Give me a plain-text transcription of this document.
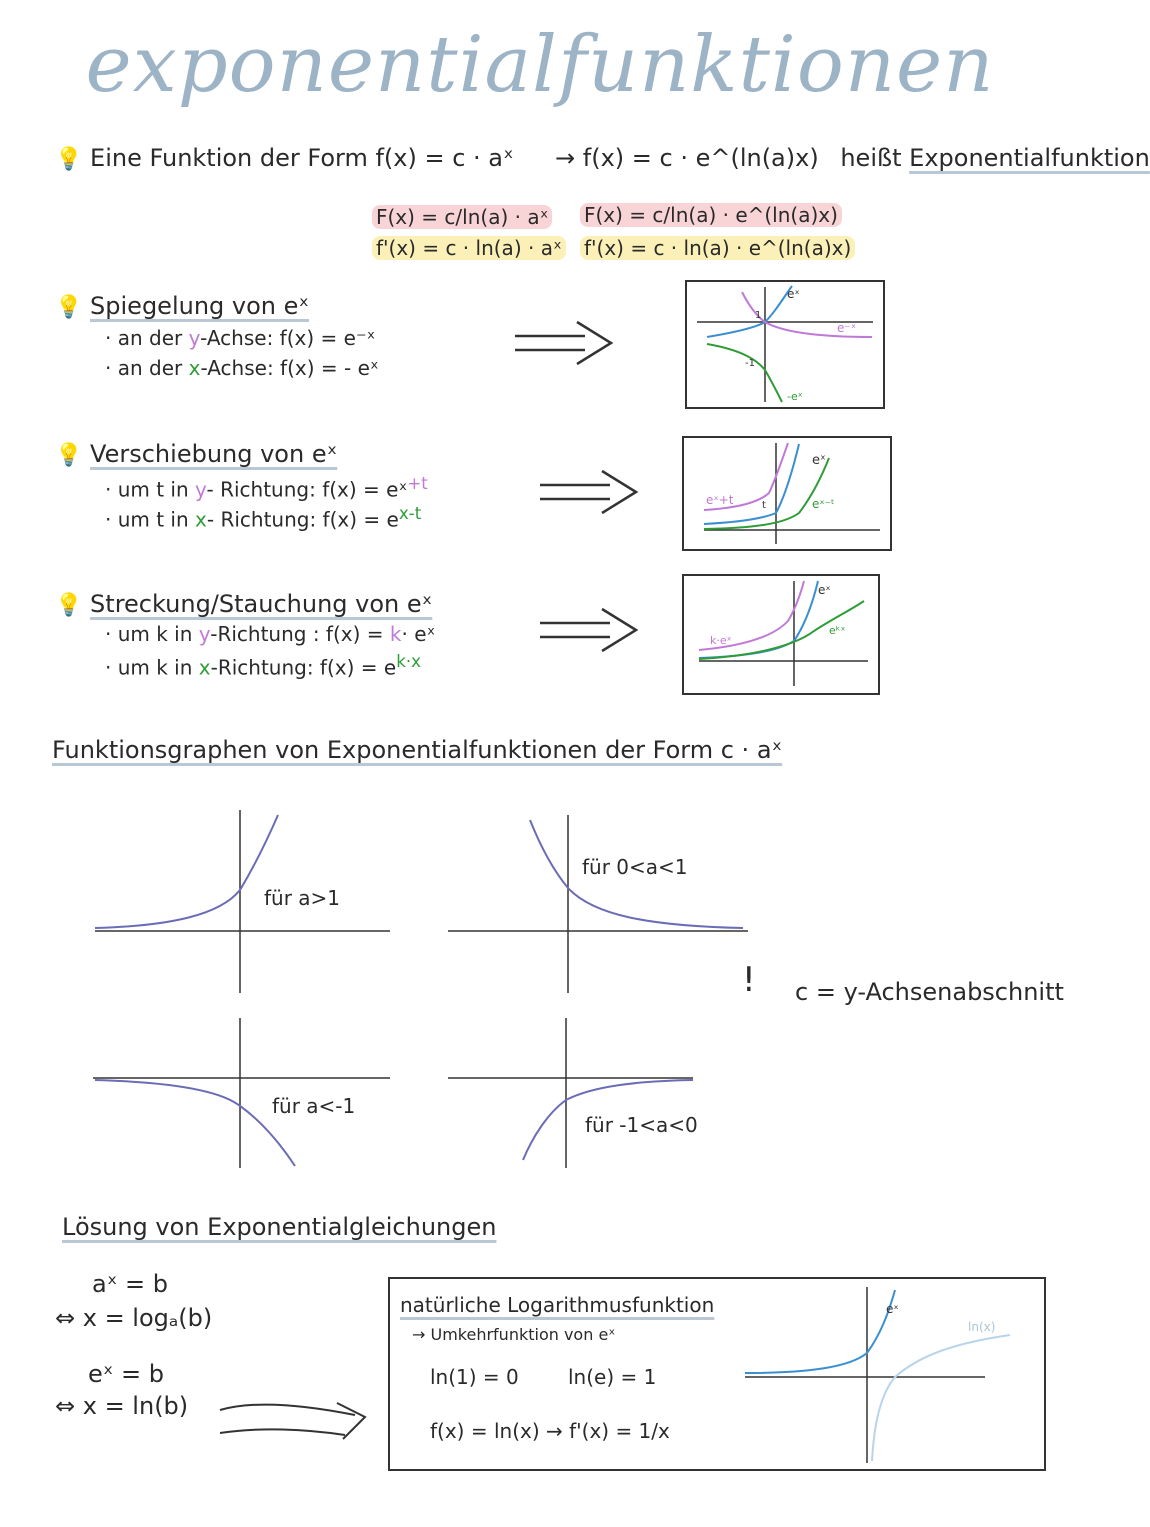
exponentialfunktionen
💡 Eine Funktion der Form f(x) = c · aˣ → f(x) = c · e^(ln(a)x) heißt Exponentialfunktion
F(x) = c/ln(a) · aˣ F(x) = c/ln(a) · e^(ln(a)x)
f'(x) = c · ln(a) · aˣ f'(x) = c · ln(a) · e^(ln(a)x)
💡 Spiegelung von eˣ
· an der y-Achse: f(x) = e⁻ˣ
· an der x-Achse: f(x) = - eˣ
eˣ
e⁻ˣ
-eˣ
1
-1
💡 Verschiebung von eˣ
· um t in y- Richtung: f(x) = eˣ$^{+t}$
· um t in x- Richtung: $f(x) = e^{x-t}$
eˣ+t
eˣ
eˣ⁻ᵗ
t
💡 Streckung/Stauchung von eˣ
· um k in y-Richtung : f(x) = k· eˣ
· um k in x-Richtung: $f(x) = e^{k\cdot x}$
k·eˣ
eˣ
eᵏˣ
Funktionsgraphen von Exponentialfunktionen der Form c · aˣ
für a>1
für 0<a<1
für a<-1
für -1<a<0
! c = y-Achsenabschnitt
Lösung von Exponentialgleichungen
aˣ = b
⇔ x = logₐ(b)
eˣ = b
⇔ x = ln(b)
natürliche Logarithmusfunktion
→ Umkehrfunktion von eˣ
ln(1) = 0 ln(e) = 1
f(x) = ln(x) → f'(x) = 1/x
eˣ
ln(x)
